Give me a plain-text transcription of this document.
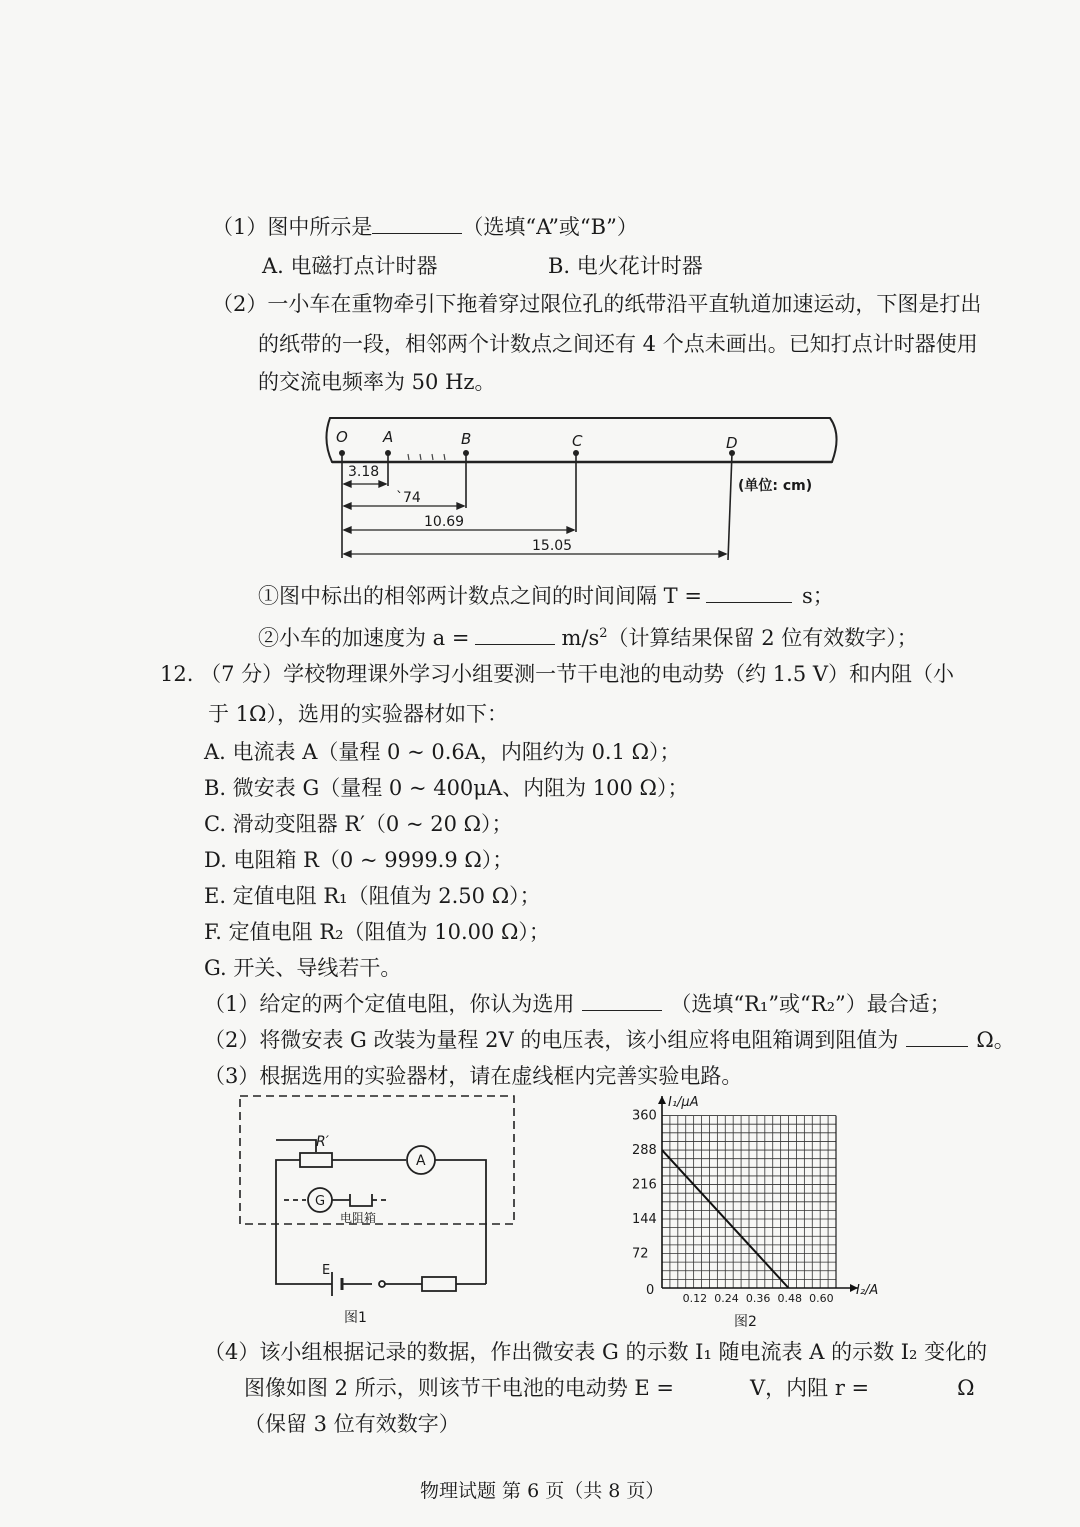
（1）图中所示是	（选填“A”或“B”）
A. 电磁打点计时器	B. 电火花计时器
（2）一小车在重物牵引下拖着穿过限位孔的纸带沿平直轨道加速运动，下图是打出
的纸带的一段，相邻两个计数点之间还有 4 个点未画出。已知打点计时器使用
的交流电频率为 50 Hz。
O A	B	C	D
3.18
`74
10.69
15.05
(单位: cm)
①图中标出的相邻两计数点之间的时间间隔 T =	s；
②小车的加速度为 a =	$m/s^2$（计算结果保留 2 位有效数字）；
12. （7 分）学校物理课外学习小组要测一节干电池的电动势（约 1.5 V）和内阻（小
于 1Ω），选用的实验器材如下：
A. 电流表 A（量程 0 ~ 0.6A，内阻约为 0.1 Ω）；
B. 微安表 G（量程 0 ~ 400μA、内阻为 100 Ω）；
C. 滑动变阻器 R′（0 ~ 20 Ω）；
D. 电阻箱 R（0 ~ 9999.9 Ω）；
E. 定值电阻 R₁（阻值为 2.50 Ω）；
F. 定值电阻 R₂（阻值为 10.00 Ω）；
G. 开关、导线若干。
（1）给定的两个定值电阻，你认为选用	（选填“R₁”或“R₂”）最合适；
（2）将微安表 G 改装为量程 2V 的电压表，该小组应将电阻箱调到阻值为	Ω。
（3）根据选用的实验器材，请在虚线框内完善实验电路。
R′
A
G
电阻箱
E
图1
0.12 0.24 0.36 0.48 0.60
72
144
216
288
360
I₁/μA
I₂/A
0
图2
（4）该小组根据记录的数据，作出微安表 G 的示数 I₁ 随电流表 A 的示数 I₂ 变化的
图像如图 2 所示，则该节干电池的电动势 E =	V，内阻 r =	Ω
（保留 3 位有效数字）
物理试题 第 6 页（共 8 页）
